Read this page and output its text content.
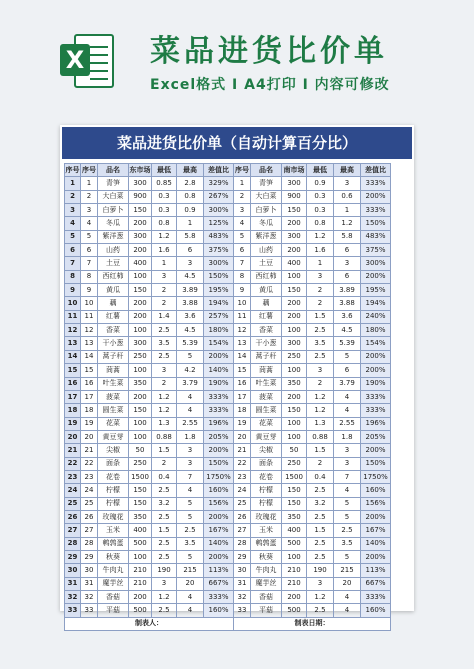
X 菜品进货比价单
Excel格式 I A4打印 I 内容可修改
菜品进货比价单（自动计算百分比）
序号	序号	品名	东市场	最低	最高	差值比	序号	品名	南市场	最低	最高	差值比
1	1	青笋	300	0.85	2.8	329%	1	青笋	300	0.9	3	333%
2	2	大白菜	900	0.3	0.8	267%	2	大白菜	900	0.3	0.6	200%
3	3	白萝卜	150	0.3	0.9	300%	3	白萝卜	150	0.3	1	333%
4	4	冬瓜	200	0.8	1	125%	4	冬瓜	200	0.8	1.2	150%
5	5	紫洋葱	300	1.2	5.8	483%	5	紫洋葱	300	1.2	5.8	483%
6	6	山药	200	1.6	6	375%	6	山药	200	1.6	6	375%
7	7	土豆	400	1	3	300%	7	土豆	400	1	3	300%
8	8	西红柿	100	3	4.5	150%	8	西红柿	100	3	6	200%
9	9	黄瓜	150	2	3.89	195%	9	黄瓜	150	2	3.89	195%
10	10	藕	200	2	3.88	194%	10	藕	200	2	3.88	194%
11	11	红薯	200	1.4	3.6	257%	11	红薯	200	1.5	3.6	240%
12	12	香菜	100	2.5	4.5	180%	12	香菜	100	2.5	4.5	180%
13	13	干小葱	300	3.5	5.39	154%	13	干小葱	300	3.5	5.39	154%
14	14	蒿子秆	250	2.5	5	200%	14	蒿子秆	250	2.5	5	200%
15	15	茼蒿	100	3	4.2	140%	15	茼蒿	100	3	6	200%
16	16	叶生菜	350	2	3.79	190%	16	叶生菜	350	2	3.79	190%
17	17	菠菜	200	1.2	4	333%	17	菠菜	200	1.2	4	333%
18	18	圆生菜	150	1.2	4	333%	18	圆生菜	150	1.2	4	333%
19	19	花菜	100	1.3	2.55	196%	19	花菜	100	1.3	2.55	196%
20	20	黄豆芽	100	0.88	1.8	205%	20	黄豆芽	100	0.88	1.8	205%
21	21	尖椒	50	1.5	3	200%	21	尖椒	50	1.5	3	200%
22	22	面条	250	2	3	150%	22	面条	250	2	3	150%
23	23	花卷	1500	0.4	7	1750%	23	花卷	1500	0.4	7	1750%
24	24	柠檬	150	2.5	4	160%	24	柠檬	150	2.5	4	160%
25	25	柠檬	150	3.2	5	156%	25	柠檬	150	3.2	5	156%
26	26	玫瑰花	350	2.5	5	200%	26	玫瑰花	350	2.5	5	200%
27	27	玉米	400	1.5	2.5	167%	27	玉米	400	1.5	2.5	167%
28	28	鹌鹑蛋	500	2.5	3.5	140%	28	鹌鹑蛋	500	2.5	3.5	140%
29	29	秋葵	100	2.5	5	200%	29	秋葵	100	2.5	5	200%
30	30	牛肉丸	210	190	215	113%	30	牛肉丸	210	190	215	113%
31	31	魔芋丝	210	3	20	667%	31	魔芋丝	210	3	20	667%
32	32	香菇	200	1.2	4	333%	32	香菇	200	1.2	4	333%
33	33	平菇	500	2.5	4	160%	33	平菇	500	2.5	4	160%
制表人：							制表日期：					
